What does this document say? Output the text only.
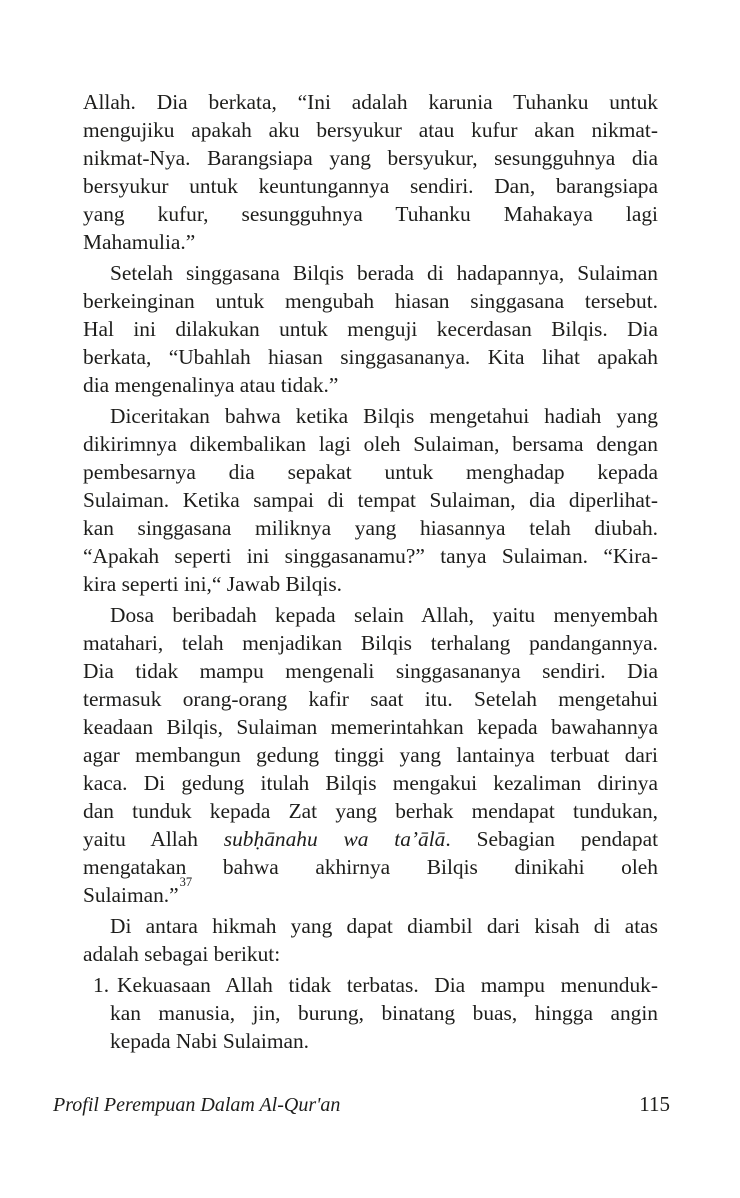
Allah. Dia berkata, “Ini adalah karunia Tuhanku untuk
mengujiku apakah aku bersyukur atau kufur akan nikmat-
nikmat-Nya. Barangsiapa yang bersyukur, sesungguhnya dia
bersyukur untuk keuntungannya sendiri. Dan, barangsiapa
yang kufur, sesungguhnya Tuhanku Mahakaya lagi
Mahamulia.”
Setelah singgasana Bilqis berada di hadapannya, Sulaiman
berkeinginan untuk mengubah hiasan singgasana tersebut.
Hal ini dilakukan untuk menguji kecerdasan Bilqis. Dia
berkata, “Ubahlah hiasan singgasananya. Kita lihat apakah
dia mengenalinya atau tidak.”
Diceritakan bahwa ketika Bilqis mengetahui hadiah yang
dikirimnya dikembalikan lagi oleh Sulaiman, bersama dengan
pembesarnya dia sepakat untuk menghadap kepada
Sulaiman. Ketika sampai di tempat Sulaiman, dia diperlihat-
kan singgasana miliknya yang hiasannya telah diubah.
“Apakah seperti ini singgasanamu?” tanya Sulaiman. “Kira-
kira seperti ini,“ Jawab Bilqis.
Dosa beribadah kepada selain Allah, yaitu menyembah
matahari, telah menjadikan Bilqis terhalang pandangannya.
Dia tidak mampu mengenali singgasananya sendiri. Dia
termasuk orang-orang kafir saat itu. Setelah mengetahui
keadaan Bilqis, Sulaiman memerintahkan kepada bawahannya
agar membangun gedung tinggi yang lantainya terbuat dari
kaca. Di gedung itulah Bilqis mengakui kezaliman dirinya
dan tunduk kepada Zat yang berhak mendapat tundukan,
yaitu Allah subḥānahu wa ta’ālā. Sebagian pendapat
mengatakan bahwa akhirnya Bilqis dinikahi oleh
Sulaiman.”$^{37}$
Di antara hikmah yang dapat diambil dari kisah di atas
adalah sebagai berikut:
1. Kekuasaan Allah tidak terbatas. Dia mampu menunduk-
kan manusia, jin, burung, binatang buas, hingga angin
kepada Nabi Sulaiman.
Profil Perempuan Dalam Al-Qur'an	115
